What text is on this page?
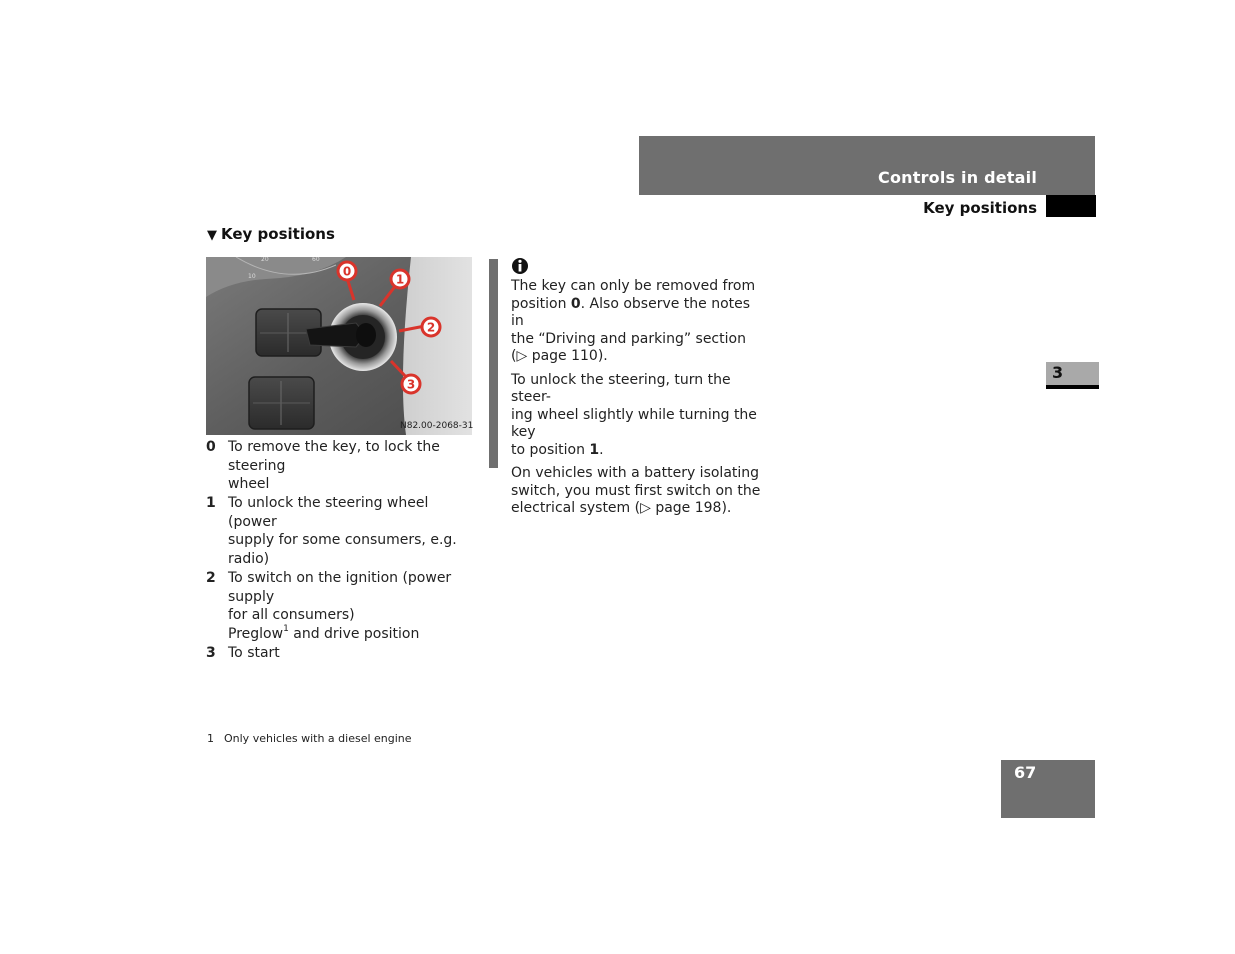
Controls in detail
Key positions
3
▼ Key positions
20	60
10	0
1
2
3
N82.00-2068-31
0 To remove the key, to lock the steering
wheel
1 To unlock the steering wheel (power
supply for some consumers, e.g. radio)
2 To switch on the ignition (power supply
for all consumers)
Preglow$^1$ and drive position
3 To start

The key can only be removed from
position 0. Also observe the notes in
the “Driving and parking” section
(▷ page 110).

To unlock the steering, turn the steer-
ing wheel slightly while turning the key
to position 1.

On vehicles with a battery isolating
switch, you must first switch on the
electrical system (▷ page 198).

1 Only vehicles with a diesel engine
67
